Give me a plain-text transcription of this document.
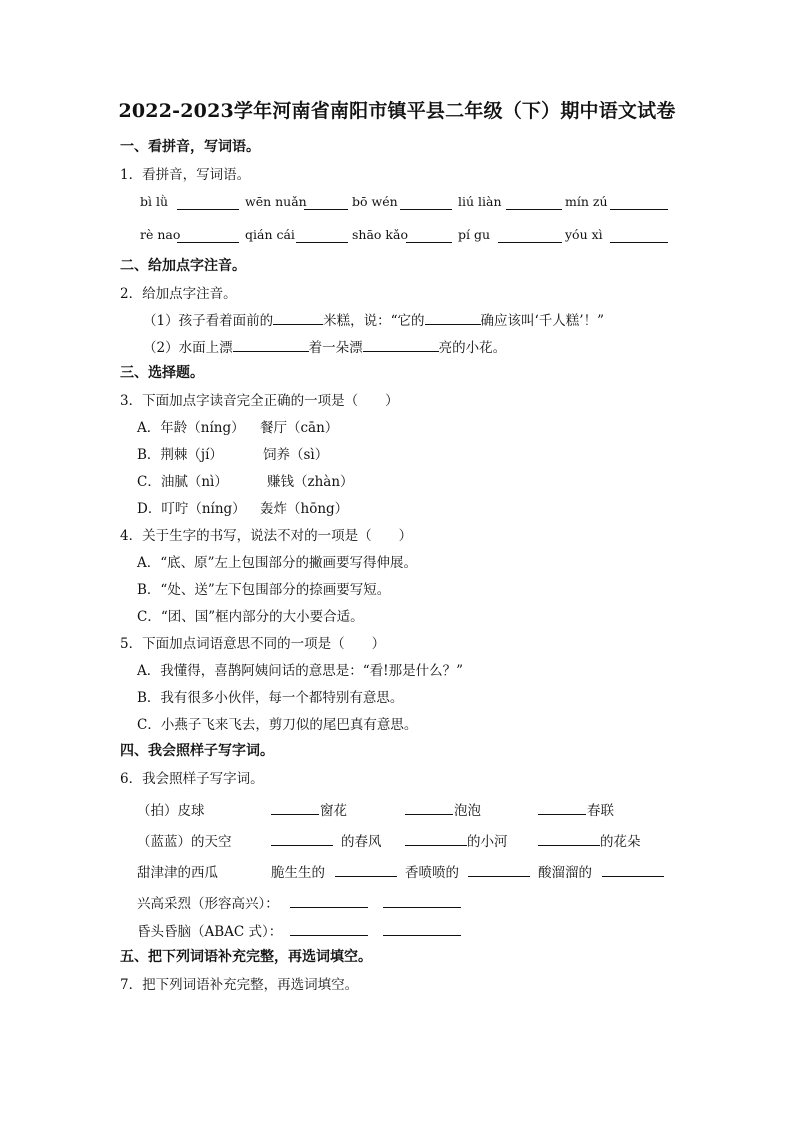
2022-2023学年河南省南阳市镇平县二年级（下）期中语文试卷
一、看拼音，写词语。
1．看拼音，写词语。
bì lǜ	wēn nuǎn	bō wén	liú liàn	mín zú
rè nao	qián cái	shāo kǎo	pí gu	yóu xì
二、给加点字注音。
2．给加点字注音。
（1）孩子看着面前的	米糕，说：“它的	确应该叫‘千人糕’！”
（2）水面上漂	着一朵漂	亮的小花。
三、选择题。
3．下面加点字读音完全正确的一项是（　　）
A．年龄（níng） 餐厅（cān）
B．荆棘（jí）	饲养（sì）
C．油腻（nì）	赚钱（zhàn）
D．叮咛（níng） 轰炸（hōng）
4．关于生字的书写，说法不对的一项是（　　）
A．“底、原”左上包围部分的撇画要写得伸展。
B．“处、送”左下包围部分的捺画要写短。
C．“团、国”框内部分的大小要合适。
5．下面加点词语意思不同的一项是（　　）
A．我懂得，喜鹊阿姨问话的意思是：“看!那是什么？”
B．我有很多小伙伴，每一个都特别有意思。
C．小燕子飞来飞去，剪刀似的尾巴真有意思。
四、我会照样子写字词。
6．我会照样子写字词。
（拍）皮球	窗花	泡泡	春联
（蓝蓝）的天空	的春风	的小河	的花朵
甜津津的西瓜	脆生生的	香喷喷的	酸溜溜的
兴高采烈（形容高兴）：
昏头昏脑（ABAC 式）：
五、把下列词语补充完整，再选词填空。
7．把下列词语补充完整，再选词填空。
